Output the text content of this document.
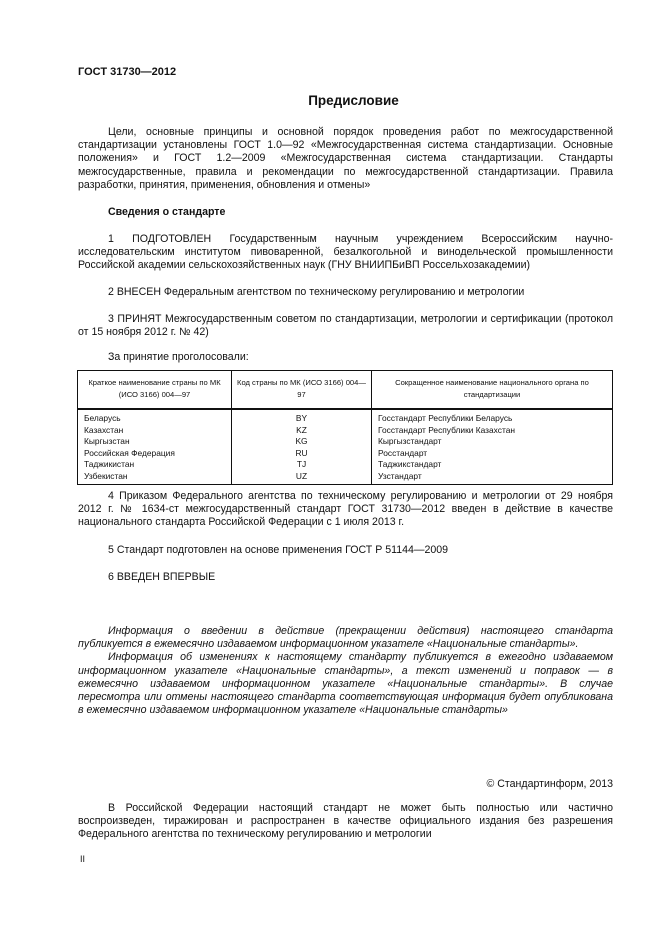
ГОСТ 31730—2012
Предисловие

Цели, основные принципы и основной порядок проведения работ по межгосударственной стандартизации установлены ГОСТ 1.0—92 «Межгосударственная система стандартизации. Основные положения» и ГОСТ 1.2—2009 «Межгосударственная система стандартизации. Стандарты межгосударственные, правила и рекомендации по межгосударственной стандартизации. Правила разработки, принятия, применения, обновления и отмены»

Сведения о стандарте

1 ПОДГОТОВЛЕН Государственным научным учреждением Всероссийским научно-исследовательским институтом пивоваренной, безалкогольной и винодельческой промышленности Российской академии сельскохозяйственных наук (ГНУ ВНИИПБиВП Россельхозакадемии)

2 ВНЕСЕН Федеральным агентством по техническому регулированию и метрологии

3 ПРИНЯТ Межгосударственным советом по стандартизации, метрологии и сертификации (протокол от 15 ноября 2012 г. № 42)

За принятие проголосовали:

Краткое наименование страны по МК (ИСО 3166) 004—97	Код страны по МК (ИСО 3166) 004—97	Сокращенное наименование национального органа по стандартизации
Беларусь	BY	Госстандарт Республики Беларусь
Казахстан	KZ	Госстандарт Республики Казахстан
Кыргызстан	KG	Кыргызстандарт
Российская Федерация	RU	Росстандарт
Таджикистан	TJ	Таджикстандарт
Узбекистан	UZ	Узстандарт

4 Приказом Федерального агентства по техническому регулированию и метрологии от 29 ноября 2012 г. № 1634-ст межгосударственный стандарт ГОСТ 31730—2012 введен в действие в качестве национального стандарта Российской Федерации с 1 июля 2013 г.

5 Стандарт подготовлен на основе применения ГОСТ Р 51144—2009

6 ВВЕДЕН ВПЕРВЫЕ

Информация о введении в действие (прекращении действия) настоящего стандарта публикуется в ежемесячно издаваемом информационном указателе «Национальные стандарты».

Информация об изменениях к настоящему стандарту публикуется в ежегодно издаваемом информационном указателе «Национальные стандарты», а текст изменений и поправок — в ежемесячно издаваемом информационном указателе «Национальные стандарты». В случае пересмотра или отмены настоящего стандарта соответствующая информация будет опубликована в ежемесячно издаваемом информационном указателе «Национальные стандарты»

© Стандартинформ, 2013

В Российской Федерации настоящий стандарт не может быть полностью или частично воспроизведен, тиражирован и распространен в качестве официального издания без разрешения Федерального агентства по техническому регулированию и метрологии

II
